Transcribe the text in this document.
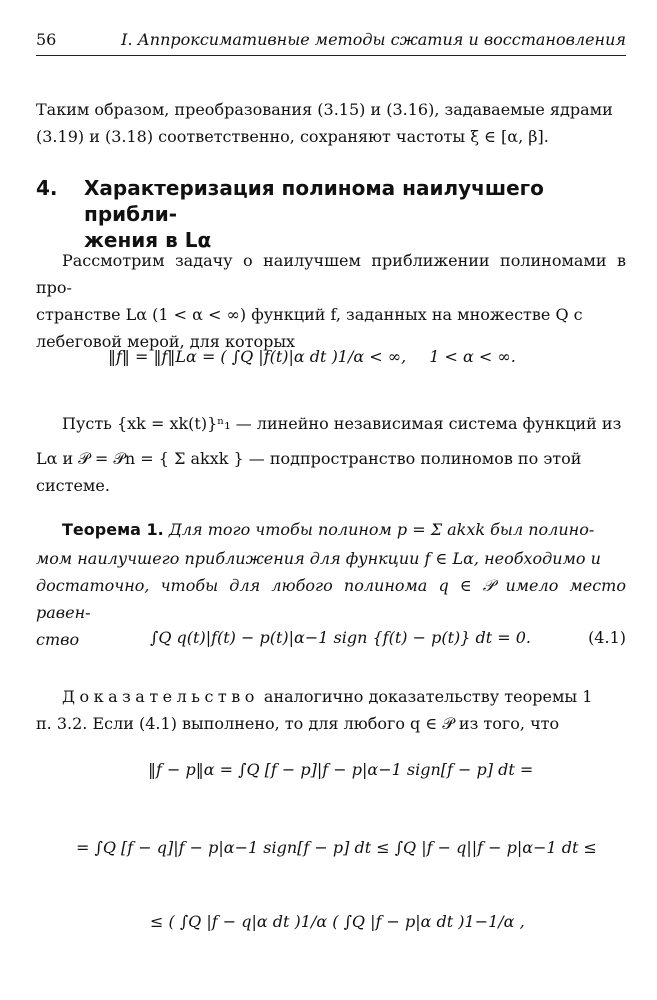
56	I. Аппроксимативные методы сжатия и восстановления
Таким образом, преобразования (3.15) и (3.16), задаваемые ядрами
(3.19) и (3.18) соответственно, сохраняют частоты ξ ∈ [α, β].
4. Характеризация полинома наилучшего прибли-
жения в Lα
Рассмотрим задачу о наилучшем приближении полиномами в про-
странстве Lα (1 < α < ∞) функций f, заданных на множестве Q с
лебеговой мерой, для которых
‖f‖ = ‖f‖Lα = ( ∫Q |f(t)|α dt )1/α < ∞, 1 < α < ∞.
Пусть {xk = xk(t)}ⁿ₁ — линейно независимая система функций из
Lα и 𝒫 = 𝒫n = { Σ akxk } — подпространство полиномов по этой
системе.
Теорема 1. Для того чтобы полином p = Σ akxk был полино-
мом наилучшего приближения для функции f ∈ Lα, необходимо и
достаточно, чтобы для любого полинома q ∈ 𝒫 имело место равен-
ство	∫Q q(t)|f(t) − p(t)|α−1 sign {f(t) − p(t)} dt = 0.	(4.1)
Доказательство аналогично доказательству теоремы 1
п. 3.2. Если (4.1) выполнено, то для любого q ∈ 𝒫 из того, что
‖f − p‖α = ∫Q [f − p]|f − p|α−1 sign[f − p] dt =
= ∫Q [f − q]|f − p|α−1 sign[f − p] dt ≤ ∫Q |f − q||f − p|α−1 dt ≤
≤ ( ∫Q |f − q|α dt )1/α ( ∫Q |f − p|α dt )1−1/α ,
